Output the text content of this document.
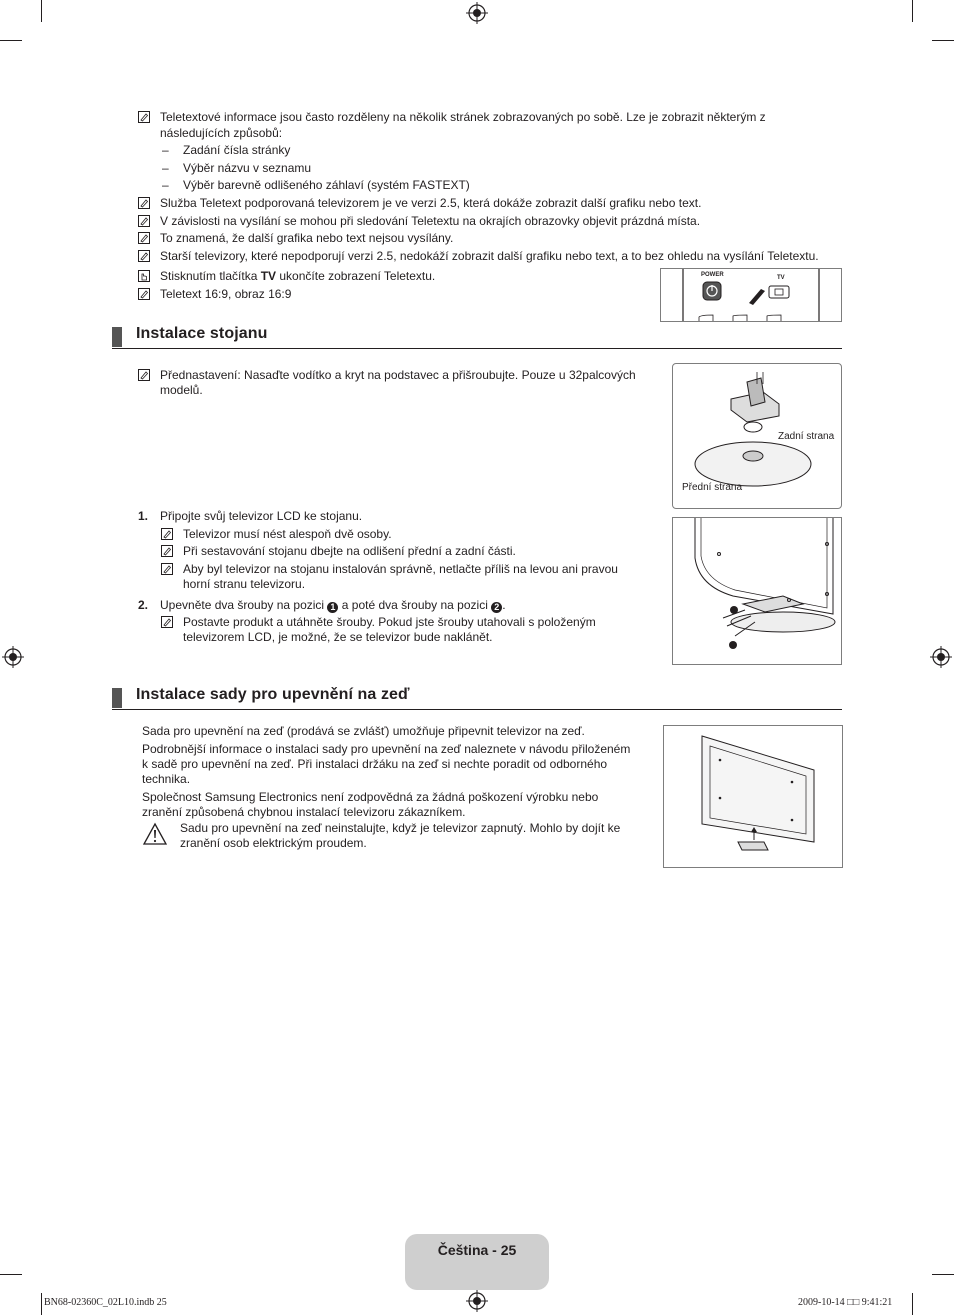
Teletextové informace jsou často rozděleny na několik stránek zobrazovaných po sobě. Lze je zobrazit některým z
následujících způsobů:
– Zadání čísla stránky
– Výběr názvu v seznamu
– Výběr barevně odlišeného záhlaví (systém FASTEXT)
Služba Teletext podporovaná televizorem je ve verzi 2.5, která dokáže zobrazit další grafiku nebo text.
V závislosti na vysílání se mohou při sledování Teletextu na okrajích obrazovky objevit prázdná místa.
To znamená, že další grafika nebo text nejsou vysílány.
Starší televizory, které nepodporují verzi 2.5, nedokáží zobrazit další grafiku nebo text, a to bez ohledu na vysílání Teletextu.
Stisknutím tlačítka TV ukončíte zobrazení Teletextu.
Teletext 16:9, obraz 16:9
POWER	TV
Instalace stojanu
Přednastavení: Nasaďte vodítko a kryt na podstavec a přišroubujte. Pouze u 32palcových
modelů.
Zadní strana
Přední strana
1. Připojte svůj televizor LCD ke stojanu.
Televizor musí nést alespoň dvě osoby.
Při sestavování stojanu dbejte na odlišení přední a zadní části.
Aby byl televizor na stojanu instalován správně, netlačte příliš na levou ani pravou
horní stranu televizoru.
2. Upevněte dva šrouby na pozici 1 a poté dva šrouby na pozici 2 .
Postavte produkt a utáhněte šrouby. Pokud jste šrouby utahovali s položeným
televizorem LCD, je možné, že se televizor bude naklánět.
Instalace sady pro upevnění na zeď
Sada pro upevnění na zeď (prodává se zvlášť) umožňuje připevnit televizor na zeď.
Podrobnější informace o instalaci sady pro upevnění na zeď naleznete v návodu přiloženém
k sadě pro upevnění na zeď. Při instalaci držáku na zeď si nechte poradit od odborného
technika.
Společnost Samsung Electronics není zodpovědná za žádná poškození výrobku nebo
zranění způsobená chybnou instalací televizoru zákazníkem.
Sadu pro upevnění na zeď neinstalujte, když je televizor zapnutý. Mohlo by dojít ke
zranění osob elektrickým proudem.
Čeština - 25
BN68-02360C_02L10.indb 25	2009-10-14 □□ 9:41:21
